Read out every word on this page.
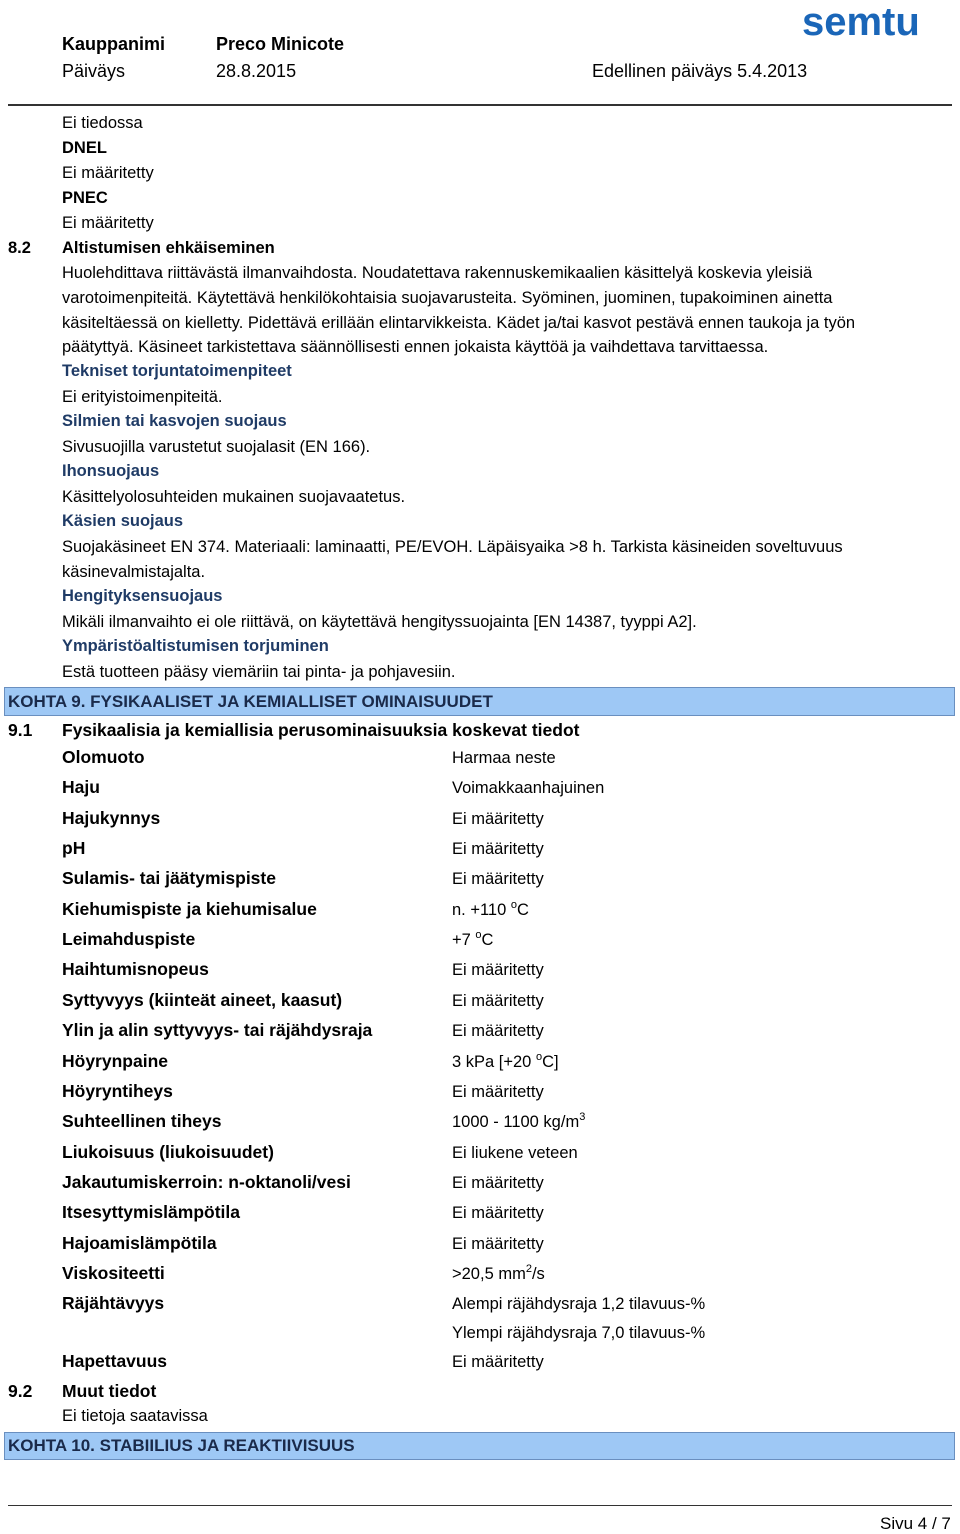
Kauppanimi	Preco Minicote
Päiväys	28.8.2015	Edellinen päiväys 5.4.2013
semtu
Ei tiedossa
DNEL
Ei määritetty
PNEC
Ei määritetty
8.2 Altistumisen ehkäiseminen
Huolehdittava riittävästä ilmanvaihdosta. Noudatettava rakennuskemikaalien käsittelyä koskevia yleisiä
varotoimenpiteitä. Käytettävä henkilökohtaisia suojavarusteita. Syöminen, juominen, tupakoiminen ainetta
käsiteltäessä on kielletty. Pidettävä erillään elintarvikkeista. Kädet ja/tai kasvot pestävä ennen taukoja ja työn
päätyttyä. Käsineet tarkistettava säännöllisesti ennen jokaista käyttöä ja vaihdettava tarvittaessa.
Tekniset torjuntatoimenpiteet
Ei erityistoimenpiteitä.
Silmien tai kasvojen suojaus
Sivusuojilla varustetut suojalasit (EN 166).
Ihonsuojaus
Käsittelyolosuhteiden mukainen suojavaatetus.
Käsien suojaus
Suojakäsineet EN 374. Materiaali: laminaatti, PE/EVOH. Läpäisyaika >8 h. Tarkista käsineiden soveltuvuus
käsinevalmistajalta.
Hengityksensuojaus
Mikäli ilmanvaihto ei ole riittävä, on käytettävä hengityssuojainta [EN 14387, tyyppi A2].
Ympäristöaltistumisen torjuminen
Estä tuotteen pääsy viemäriin tai pinta- ja pohjavesiin.
KOHTA 9. FYSIKAALISET JA KEMIALLISET OMINAISUUDET
9.1 Fysikaalisia ja kemiallisia perusominaisuuksia koskevat tiedot
Olomuoto	Harmaa neste
Haju	Voimakkaanhajuinen
Hajukynnys	Ei määritetty
pH	Ei määritetty
Sulamis- tai jäätymispiste	Ei määritetty
Kiehumispiste ja kiehumisalue	n. +110 $^o$C
Leimahduspiste	+7 $^o$C
Haihtumisnopeus	Ei määritetty
Syttyvyys (kiinteät aineet, kaasut)	Ei määritetty
Ylin ja alin syttyvyys- tai räjähdysraja	Ei määritetty
Höyrynpaine	3 kPa [+20 $^o$C]
Höyryntiheys	Ei määritetty
Suhteellinen tiheys	1000 - 1100 $kg/m^3$
Liukoisuus (liukoisuudet)	Ei liukene veteen
Jakautumiskerroin: n-oktanoli/vesi	Ei määritetty
Itsesyttymislämpötila	Ei määritetty
Hajoamislämpötila	Ei määritetty
Viskositeetti	>20,5 $mm^2/s$
Räjähtävyys	Alempi räjähdysraja 1,2 tilavuus-%
Ylempi räjähdysraja 7,0 tilavuus-%
Hapettavuus	Ei määritetty
9.2 Muut tiedot
Ei tietoja saatavissa
KOHTA 10. STABIILIUS JA REAKTIIVISUUS
Sivu 4 / 7
